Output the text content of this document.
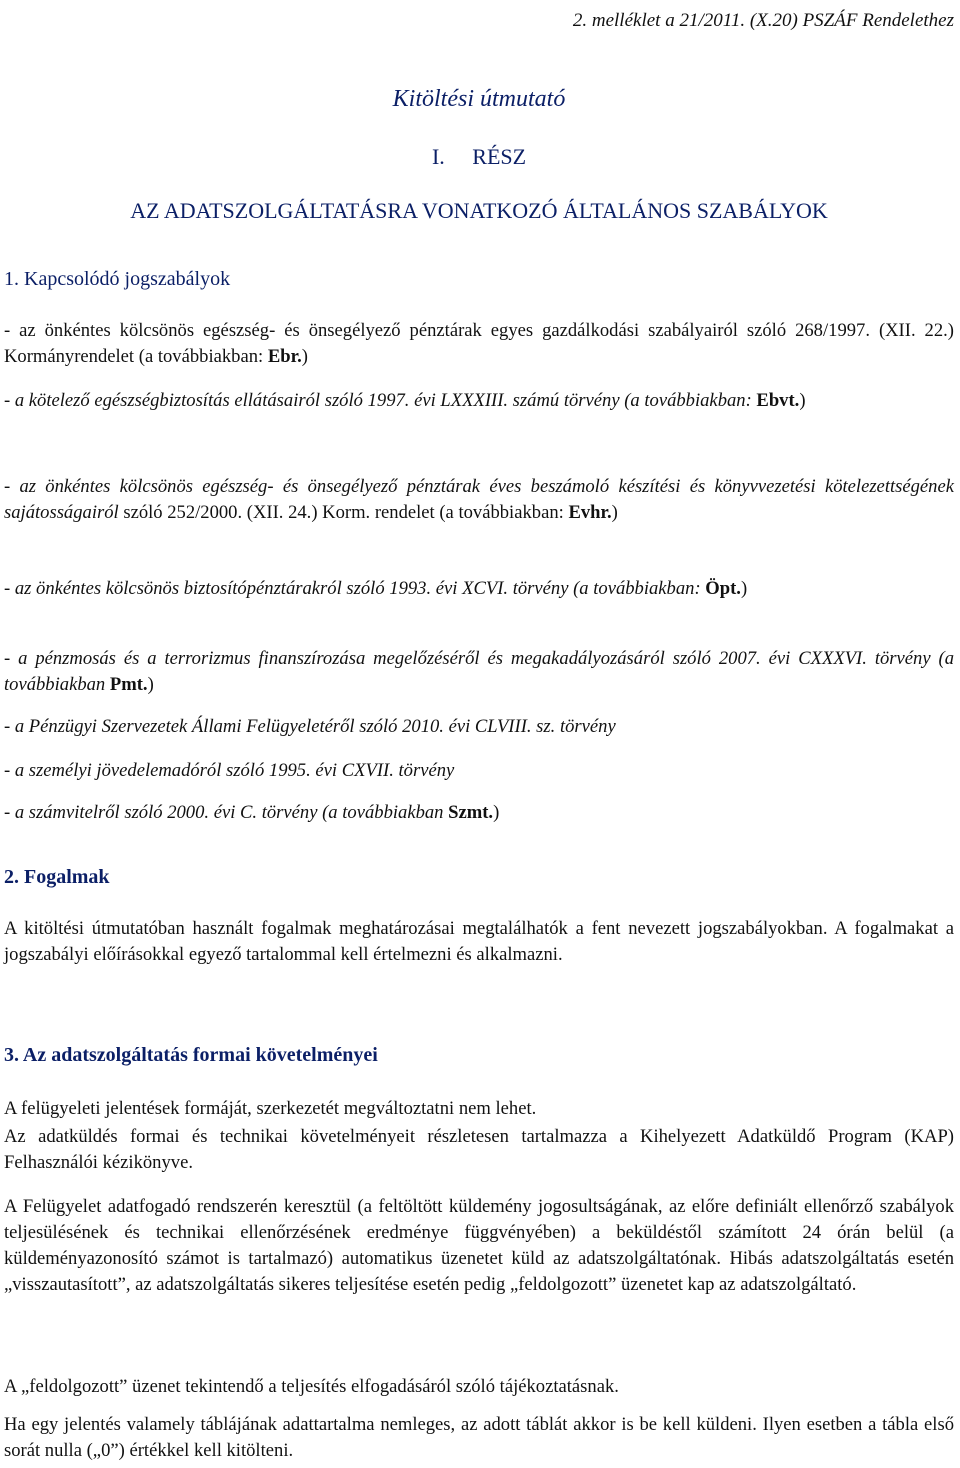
2. melléklet a 21/2011. (X.20) PSZÁF Rendelethez
Kitöltési útmutató
I. RÉSZ
AZ ADATSZOLGÁLTATÁSRA VONATKOZÓ ÁLTALÁNOS SZABÁLYOK
1. Kapcsolódó jogszabályok
- az önkéntes kölcsönös egészség- és önsegélyező pénztárak egyes gazdálkodási szabályairól szóló 268/1997. (XII. 22.) Kormányrendelet (a továbbiakban: Ebr.)
- a kötelező egészségbiztosítás ellátásairól szóló 1997. évi LXXXIII. számú törvény (a továbbiakban: Ebvt.)
- az önkéntes kölcsönös egészség- és önsegélyező pénztárak éves beszámoló készítési és könyvvezetési kötelezettségének sajátosságairól szóló 252/2000. (XII. 24.) Korm. rendelet (a továbbiakban: Evhr.)
- az önkéntes kölcsönös biztosítópénztárakról szóló 1993. évi XCVI. törvény (a továbbiakban: Öpt.)
- a pénzmosás és a terrorizmus finanszírozása megelőzéséről és megakadályozásáról szóló 2007. évi CXXXVI. törvény (a továbbiakban Pmt.)
- a Pénzügyi Szervezetek Állami Felügyeletéről szóló 2010. évi CLVIII. sz. törvény
- a személyi jövedelemadóról szóló 1995. évi CXVII. törvény
- a számvitelről szóló 2000. évi C. törvény (a továbbiakban Szmt.)
2. Fogalmak
A kitöltési útmutatóban használt fogalmak meghatározásai megtalálhatók a fent nevezett jogszabályokban. A fogalmakat a jogszabályi előírásokkal egyező tartalommal kell értelmezni és alkalmazni.
3. Az adatszolgáltatás formai követelményei
A felügyeleti jelentések formáját, szerkezetét megváltoztatni nem lehet.
Az adatküldés formai és technikai követelményeit részletesen tartalmazza a Kihelyezett Adatküldő Program (KAP) Felhasználói kézikönyve.
A Felügyelet adatfogadó rendszerén keresztül (a feltöltött küldemény jogosultságának, az előre definiált ellenőrző szabályok teljesülésének és technikai ellenőrzésének eredménye függvényében) a beküldéstől számított 24 órán belül (a küldeményazonosító számot is tartalmazó) automatikus üzenetet küld az adatszolgáltatónak. Hibás adatszolgáltatás esetén „visszautasított”, az adatszolgáltatás sikeres teljesítése esetén pedig „feldolgozott” üzenetet kap az adatszolgáltató.
A „feldolgozott” üzenet tekintendő a teljesítés elfogadásáról szóló tájékoztatásnak.
Ha egy jelentés valamely táblájának adattartalma nemleges, az adott táblát akkor is be kell küldeni. Ilyen esetben a tábla első sorát nulla („0”) értékkel kell kitölteni.
